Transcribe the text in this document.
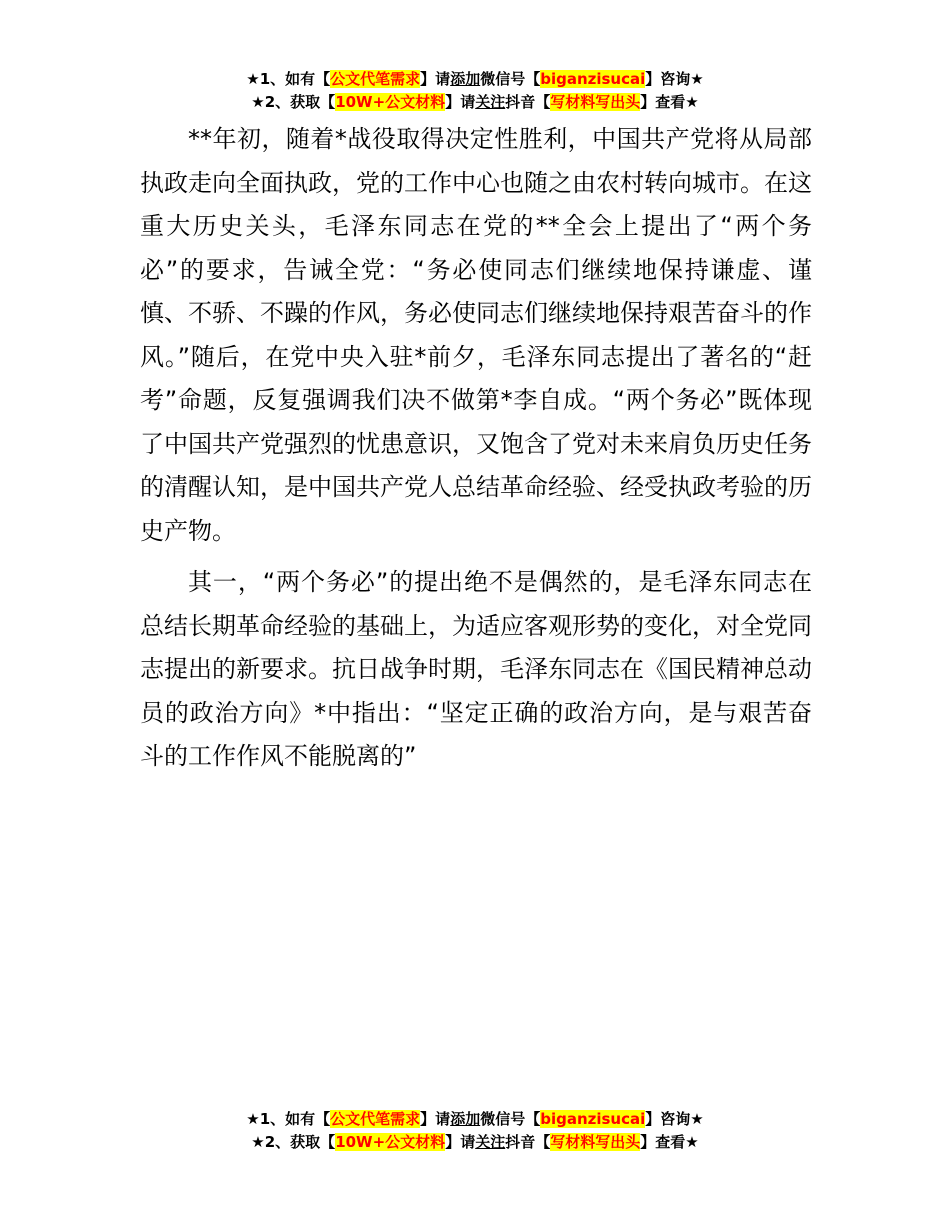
★1、如有【公文代笔需求】请添加微信号【biganzisucai】咨询★
★2、获取【10W+公文材料】请关注抖音【写材料写出头】查看★

**年初，随着*战役取得决定性胜利，中国共产党将从局部执政走向全面执政，党的工作中心也随之由农村转向城市。在这重大历史关头，毛泽东同志在党的**全会上提出了“两个务必”的要求，告诫全党：“务必使同志们继续地保持谦虚、谨慎、不骄、不躁的作风，务必使同志们继续地保持艰苦奋斗的作风。”随后，在党中央入驻*前夕，毛泽东同志提出了著名的“赶考”命题，反复强调我们决不做第*李自成。“两个务必”既体现了中国共产党强烈的忧患意识，又饱含了党对未来肩负历史任务的清醒认知，是中国共产党人总结革命经验、经受执政考验的历史产物。

其一，“两个务必”的提出绝不是偶然的，是毛泽东同志在总结长期革命经验的基础上，为适应客观形势的变化，对全党同志提出的新要求。抗日战争时期，毛泽东同志在《国民精神总动员的政治方向》*中指出：“坚定正确的政治方向，是与艰苦奋斗的工作作风不能脱离的”

★1、如有【公文代笔需求】请添加微信号【biganzisucai】咨询★
★2、获取【10W+公文材料】请关注抖音【写材料写出头】查看★
